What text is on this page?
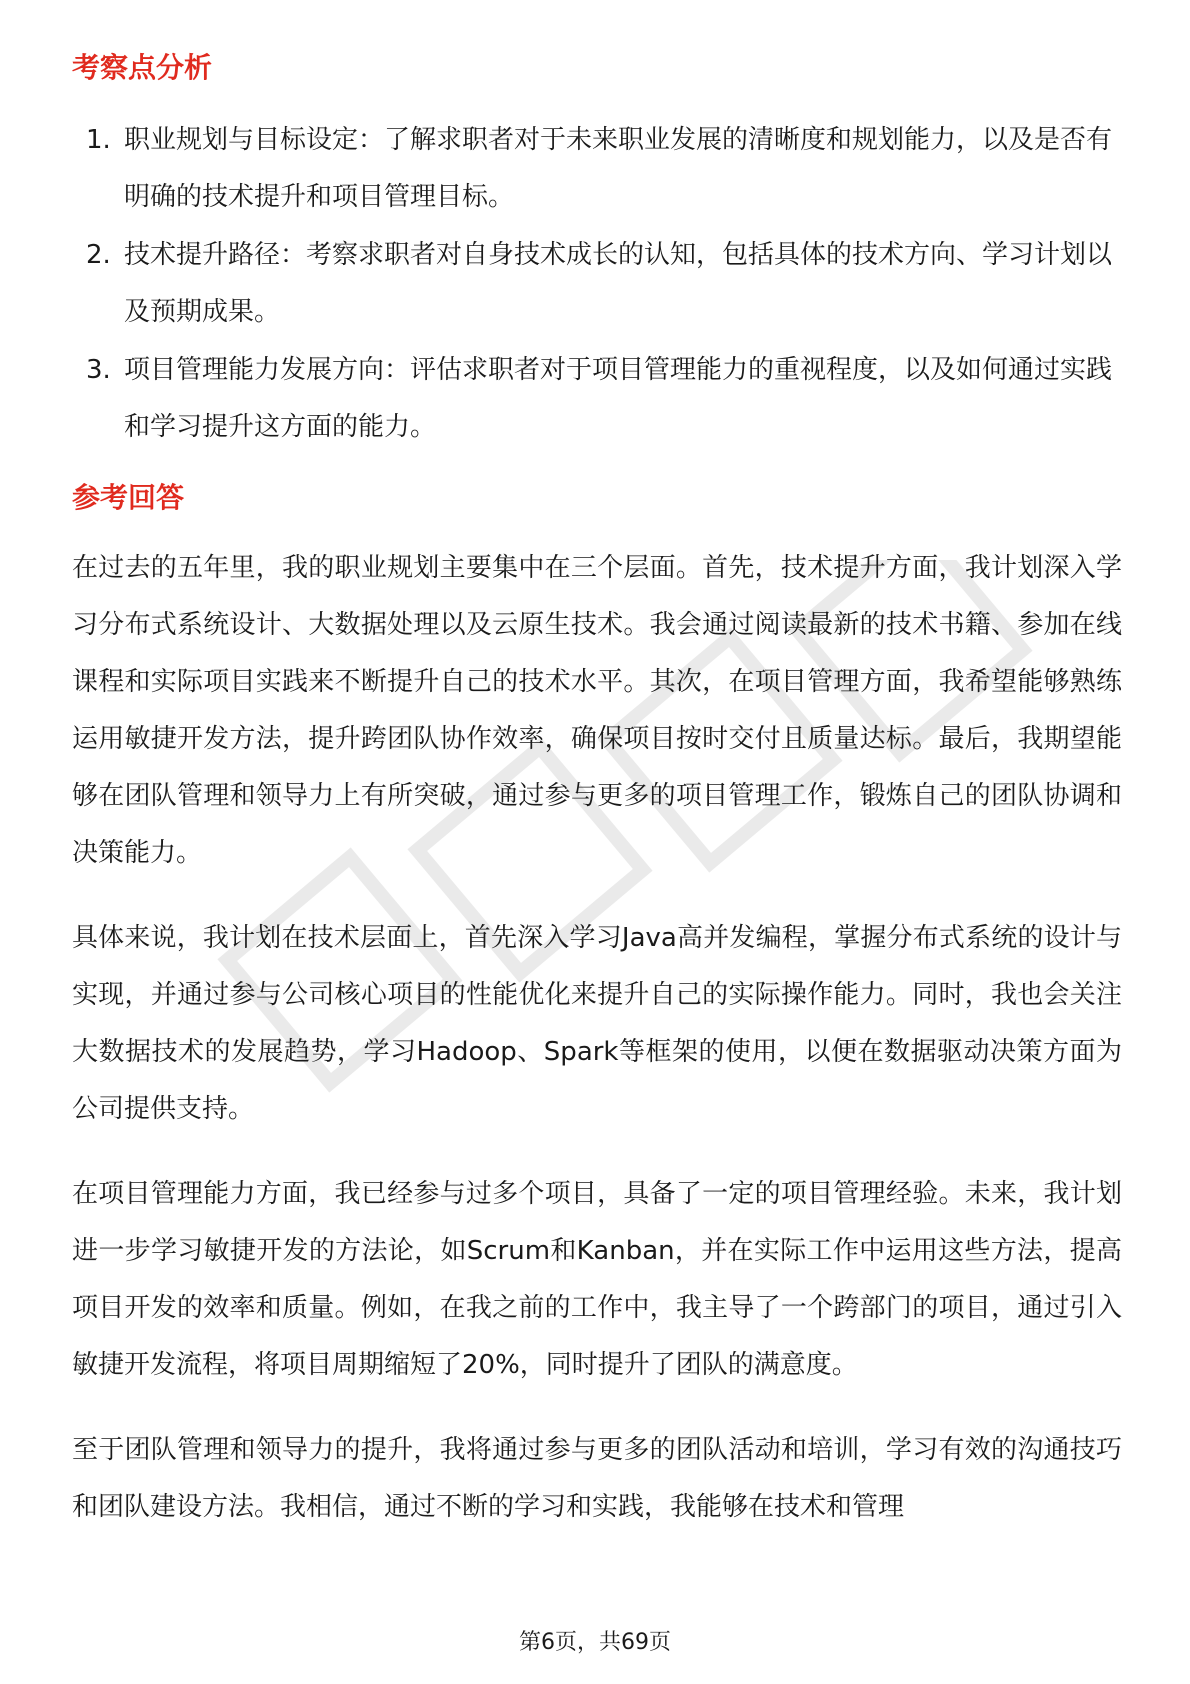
考察点分析
1. 职业规划与目标设定：了解求职者对于未来职业发展的清晰度和规划能力，以及是否有明确的技术提升和项目管理目标。
2. 技术提升路径：考察求职者对自身技术成长的认知，包括具体的技术方向、学习计划以及预期成果。
3. 项目管理能力发展方向：评估求职者对于项目管理能力的重视程度，以及如何通过实践和学习提升这方面的能力。
参考回答

在过去的五年里，我的职业规划主要集中在三个层面。首先，技术提升方面，我计划深入学习分布式系统设计、大数据处理以及云原生技术。我会通过阅读最新的技术书籍、参加在线课程和实际项目实践来不断提升自己的技术水平。其次，在项目管理方面，我希望能够熟练运用敏捷开发方法，提升跨团队协作效率，确保项目按时交付且质量达标。最后，我期望能够在团队管理和领导力上有所突破，通过参与更多的项目管理工作，锻炼自己的团队协调和决策能力。

具体来说，我计划在技术层面上，首先深入学习Java高并发编程，掌握分布式系统的设计与实现，并通过参与公司核心项目的性能优化来提升自己的实际操作能力。同时，我也会关注大数据技术的发展趋势，学习Hadoop、Spark等框架的使用，以便在数据驱动决策方面为公司提供支持。

在项目管理能力方面，我已经参与过多个项目，具备了一定的项目管理经验。未来，我计划进一步学习敏捷开发的方法论，如Scrum和Kanban，并在实际工作中运用这些方法，提高项目开发的效率和质量。例如，在我之前的工作中，我主导了一个跨部门的项目，通过引入敏捷开发流程，将项目周期缩短了20%，同时提升了团队的满意度。

至于团队管理和领导力的提升，我将通过参与更多的团队活动和培训，学习有效的沟通技巧和团队建设方法。我相信，通过不断的学习和实践，我能够在技术和管理

第6页，共69页
